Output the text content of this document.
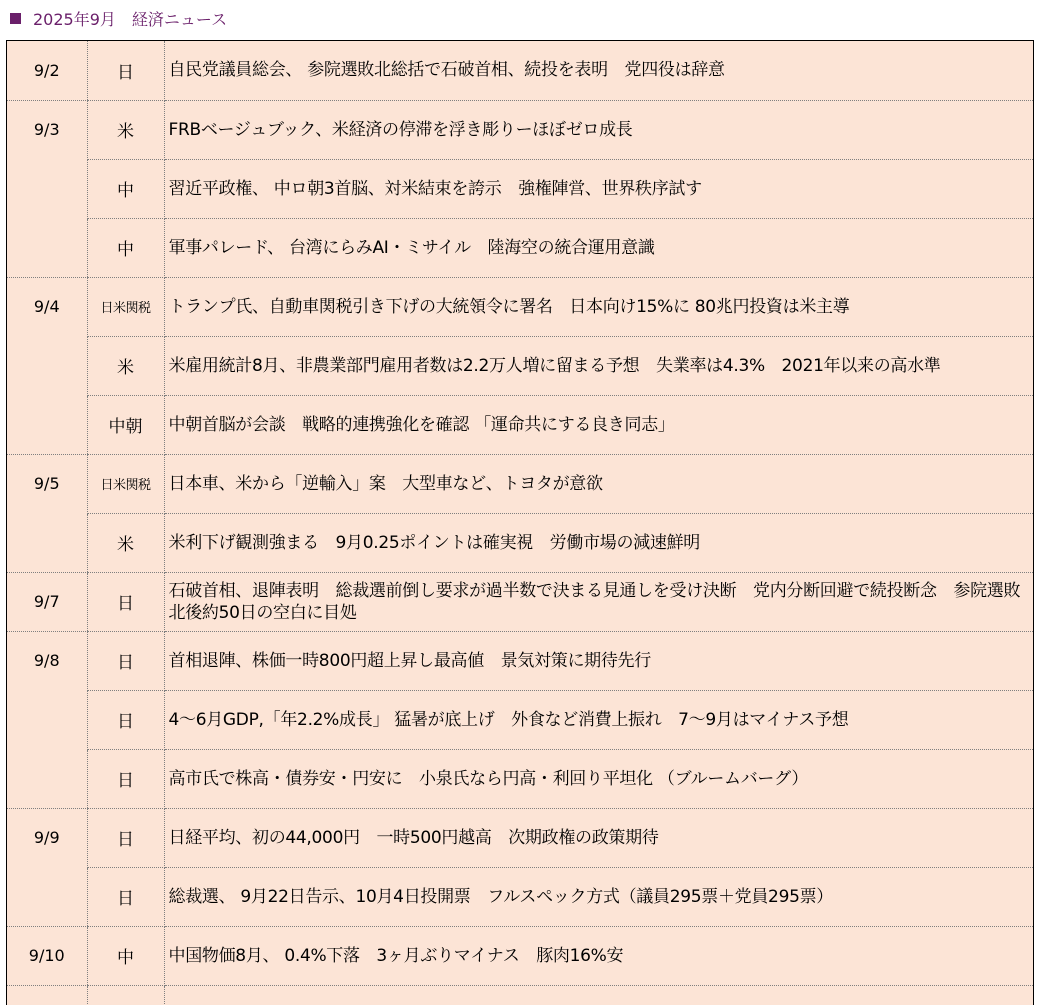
2025年9月　経済ニュース
9/2	日	自民党議員総会、 参院選敗北総括で石破首相、続投を表明　党四役は辞意
9/3	米	FRBベージュブック、米経済の停滞を浮き彫りーほぼゼロ成長
	中	習近平政権、 中ロ朝3首脳、対米結束を誇示　強権陣営、世界秩序試す
	中	軍事パレード、 台湾にらみAI・ミサイル　陸海空の統合運用意識
9/4	日米関税	トランプ氏、自動車関税引き下げの大統領令に署名　日本向け15%に 80兆円投資は米主導
	米	米雇用統計8月、非農業部門雇用者数は2.2万人増に留まる予想　失業率は4.3%　2021年以来の高水準
	中朝	中朝首脳が会談　戦略的連携強化を確認 「運命共にする良き同志」
9/5	日米関税	日本車、米から「逆輸入」案　大型車など、トヨタが意欲
	米	米利下げ観測強まる　9月0.25ポイントは確実視　労働市場の減速鮮明
9/7	日	石破首相、退陣表明　総裁選前倒し要求が過半数で決まる見通しを受け決断　党内分断回避で続投断念　参院選敗北後約50日の空白に目処
9/8	日	首相退陣、株価一時800円超上昇し最高値　景気対策に期待先行
	日	4～6月GDP,「年2.2%成長」 猛暑が底上げ　外食など消費上振れ　7～9月はマイナス予想
	日	高市氏で株高・債券安・円安に　小泉氏なら円高・利回り平坦化 （ブルームバーグ）
9/9	日	日経平均、初の44,000円　一時500円越高　次期政権の政策期待
	日	総裁選、 9月22日告示、10月4日投開票　フルスペック方式（議員295票＋党員295票）
9/10	中	中国物価8月、 0.4%下落　3ヶ月ぶりマイナス　豚肉16%安
